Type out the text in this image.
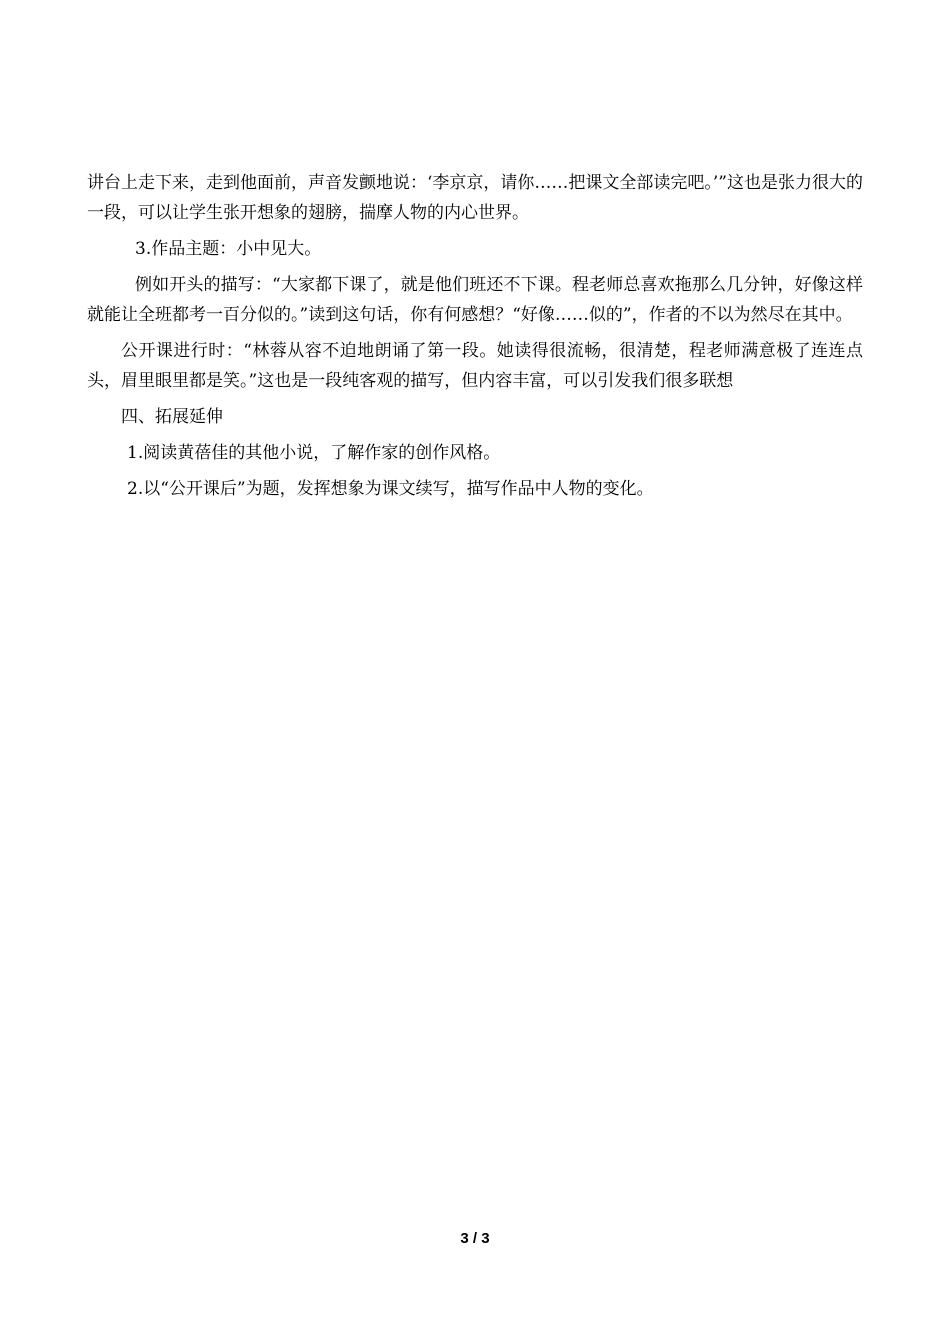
讲台上走下来，走到他面前，声音发颤地说：‘李京京，请你……把课文全部读完吧。’”这也是张力很大的一段，可以让学生张开想象的翅膀，揣摩人物的内心世界。

3.作品主题：小中见大。

例如开头的描写：“大家都下课了，就是他们班还不下课。程老师总喜欢拖那么几分钟，好像这样就能让全班都考一百分似的。”读到这句话，你有何感想？“好像……似的”，作者的不以为然尽在其中。

公开课进行时：“林蓉从容不迫地朗诵了第一段。她读得很流畅，很清楚，程老师满意极了连连点头，眉里眼里都是笑。”这也是一段纯客观的描写，但内容丰富，可以引发我们很多联想

四、拓展延伸

1.阅读黄蓓佳的其他小说，了解作家的创作风格。

2.以“公开课后”为题，发挥想象为课文续写，描写作品中人物的变化。

3 / 3
